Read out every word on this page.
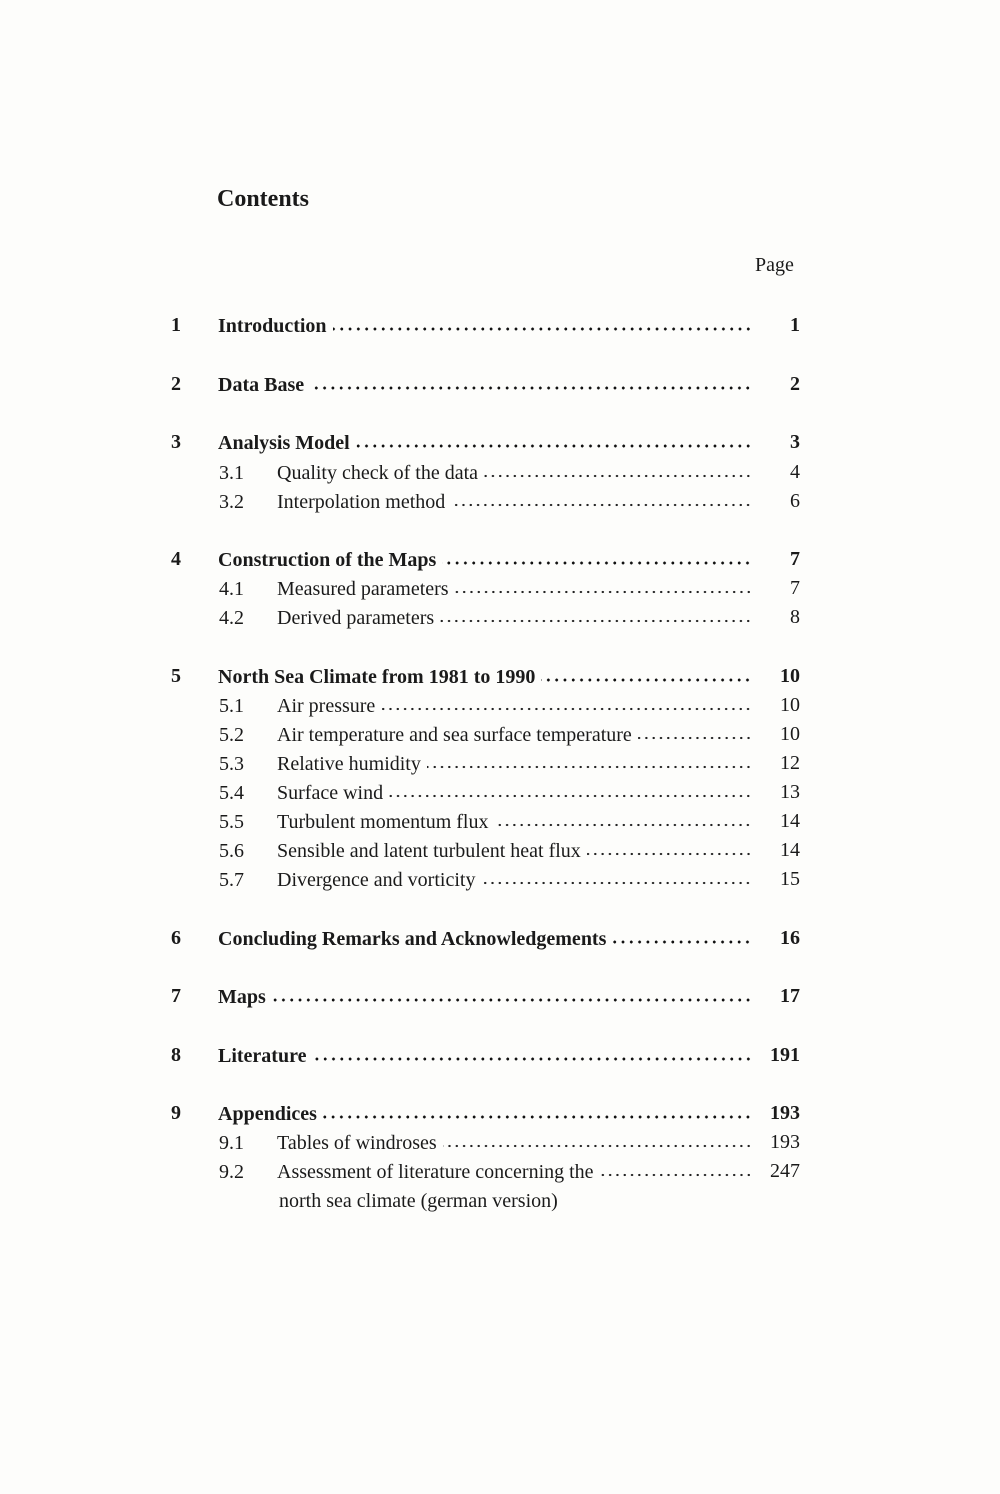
Contents
Page
1 Introduction	1
2 Data Base	2
3 Analysis Model	3
3.1	Quality check of the data	4
3.2	Interpolation method	6
4 Construction of the Maps	7
4.1	Measured parameters	7
4.2	Derived parameters	8
5 North Sea Climate from 1981 to 1990	10
5.1	Air pressure	10
5.2	Air temperature and sea surface temperature	10
5.3	Relative humidity	12
5.4	Surface wind	13
5.5	Turbulent momentum flux	14
5.6	Sensible and latent turbulent heat flux	14
5.7	Divergence and vorticity	15
6 Concluding Remarks and Acknowledgements	16
7 Maps	17
8 Literature	191
9 Appendices	193
9.1	Tables of windroses	193
9.2	Assessment of literature concerning the	247
north sea climate (german version)
